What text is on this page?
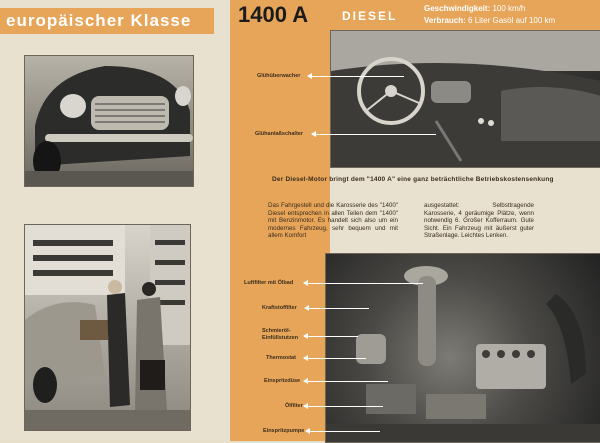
europäischer Klasse	1400 A	DIESEL
Geschwindigkeit: 100 km/h
Verbrauch: 6 Liter Gasöl auf 100 km
Glühüberwacher
Glühanlaßschalter
Der Diesel-Motor bringt dem "1400 A" eine ganz beträchtliche Betriebskostensenkung
Das Fahrgestell und die Karosserie des "1400" Diesel entsprechen in allen Teilen dem "1400" mit Benzinmotor. Es handelt sich also um ein modernes Fahrzeug, sehr bequem und mit allem Komfort
ausgestattet: Selbsttragende Karosserie, 4 geräumige Plätze, wenn notwendig 6. Großer Kofferraum. Gute Sicht. Ein Fahrzeug mit äußerst guter Straßenlage. Leichtes Lenken.
Luftfilter mit Ölbad
Kraftstoffilter
Schmieröl-Einfüllstutzen
Thermostat
Einspritzdüse
Ölfilter
Einspritzpumpe
